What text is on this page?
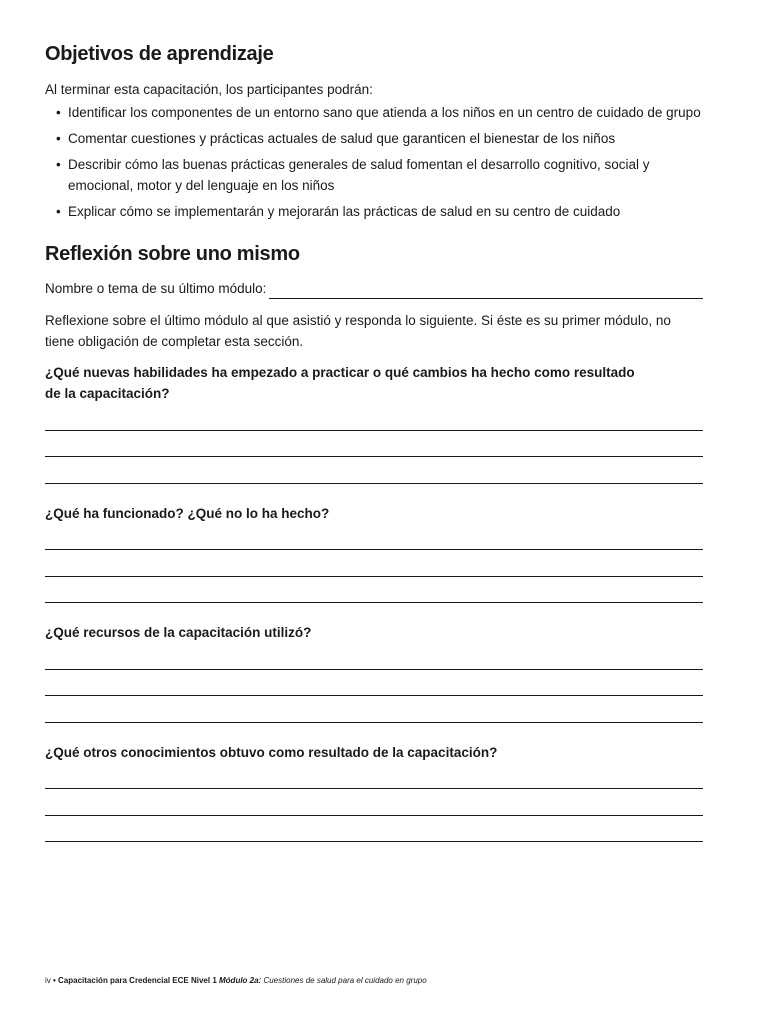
Objetivos de aprendizaje
Al terminar esta capacitación, los participantes podrán:
• Identificar los componentes de un entorno sano que atienda a los niños en un centro de cuidado de grupo
• Comentar cuestiones y prácticas actuales de salud que garanticen el bienestar de los niños
• Describir cómo las buenas prácticas generales de salud fomentan el desarrollo cognitivo, social y emocional, motor y del lenguaje en los niños
• Explicar cómo se implementarán y mejorarán las prácticas de salud en su centro de cuidado
Reflexión sobre uno mismo
Nombre o tema de su último módulo:
Reflexione sobre el último módulo al que asistió y responda lo siguiente. Si éste es su primer módulo, no tiene obligación de completar esta sección.
¿Qué nuevas habilidades ha empezado a practicar o qué cambios ha hecho como resultado de la capacitación?
¿Qué ha funcionado? ¿Qué no lo ha hecho?
¿Qué recursos de la capacitación utilizó?
¿Qué otros conocimientos obtuvo como resultado de la capacitación?
iv • Capacitación para Credencial ECE Nivel 1 Módulo 2a: Cuestiones de salud para el cuidado en grupo
